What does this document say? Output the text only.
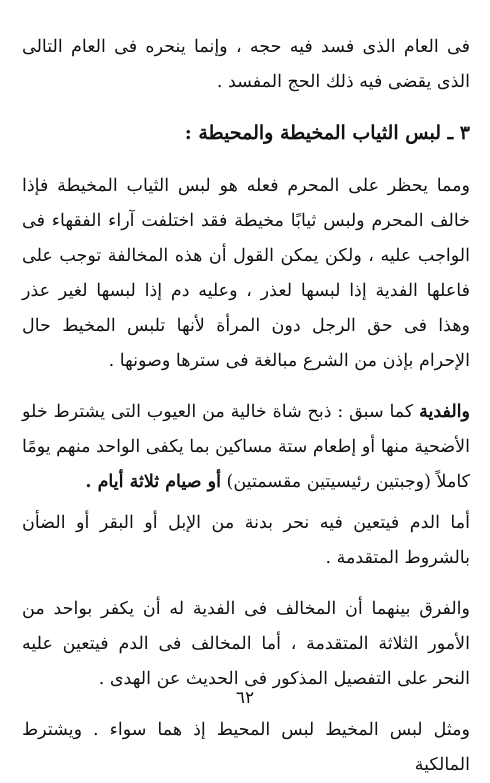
فى العام الذى فسد فيه حجه ، وإنما ينحره فى العام التالى الذى يقضى فيه ذلك الحج المفسد .

٣ ـ لبس الثياب المخيطة والمحيطة :

ومما يحظر على المحرم فعله هو لبس الثياب المخيطة فإذا خالف المحرم ولبس ثيابًا مخيطة فقد اختلفت آراء الفقهاء فى الواجب عليه ، ولكن يمكن القول أن هذه المخالفة توجب على فاعلها الفدية إذا لبسها لعذر ، وعليه دم إذا لبسها لغير عذر وهذا فى حق الرجل دون المرأة لأنها تلبس المخيط حال الإحرام بإذن من الشرع مبالغة فى سترها وصونها .

والفدية كما سبق : ذبح شاة خالية من العيوب التى يشترط خلو الأضحية منها أو إطعام ستة مساكين بما يكفى الواحد منهم يومًا كاملاً (وجبتين رئيسيتين مقسمتين) أو صيام ثلاثة أيام .

أما الدم فيتعين فيه نحر بدنة من الإبل أو البقر أو الضأن بالشروط المتقدمة .

والفرق بينهما أن المخالف فى الفدية له أن يكفر بواحد من الأمور الثلاثة المتقدمة ، أما المخالف فى الدم فيتعين عليه النحر على التفصيل المذكور فى الحديث عن الهدى .

ومثل لبس المخيط لبس المحيط إذ هما سواء . ويشترط المالكية

٦٢
